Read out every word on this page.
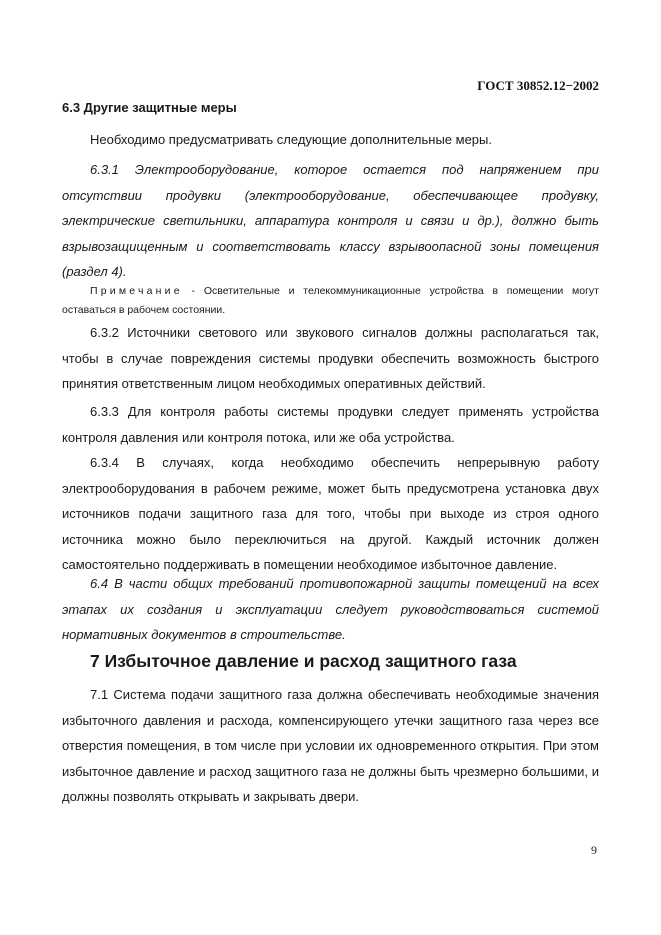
ГОСТ 30852.12−2002
6.3 Другие защитные меры
Необходимо предусматривать следующие дополнительные меры.
6.3.1 Электрооборудование, которое остается под напряжением при
отсутствии продувки (электрооборудование, обеспечивающее продувку,
электрические светильники, аппаратура контроля и связи и др.), должно быть
взрывозащищенным и соответствовать классу взрывоопасной зоны помещения
(раздел 4).
Примечание - Осветительные и телекоммуникационные устройства в помещении могут оставаться в рабочем состоянии.
6.3.2 Источники светового или звукового сигналов должны располагаться так, чтобы в случае повреждения системы продувки обеспечить возможность быстрого принятия ответственным лицом необходимых оперативных действий.
6.3.3 Для контроля работы системы продувки следует применять устройства контроля давления или контроля потока, или же оба устройства.
6.3.4 В случаях, когда необходимо обеспечить непрерывную работу электрооборудования в рабочем режиме, может быть предусмотрена установка двух источников подачи защитного газа для того, чтобы при выходе из строя одного источника можно было переключиться на другой. Каждый источник должен самостоятельно поддерживать в помещении необходимое избыточное давление.
6.4 В части общих требований противопожарной защиты помещений на всех этапах их создания и эксплуатации следует руководствоваться системой нормативных документов в строительстве.
7 Избыточное давление и расход защитного газа
7.1 Система подачи защитного газа должна обеспечивать необходимые значения избыточного давления и расхода, компенсирующего утечки защитного газа через все отверстия помещения, в том числе при условии их одновременного открытия. При этом избыточное давление и расход защитного газа не должны быть чрезмерно большими, и должны позволять открывать и закрывать двери.
9
